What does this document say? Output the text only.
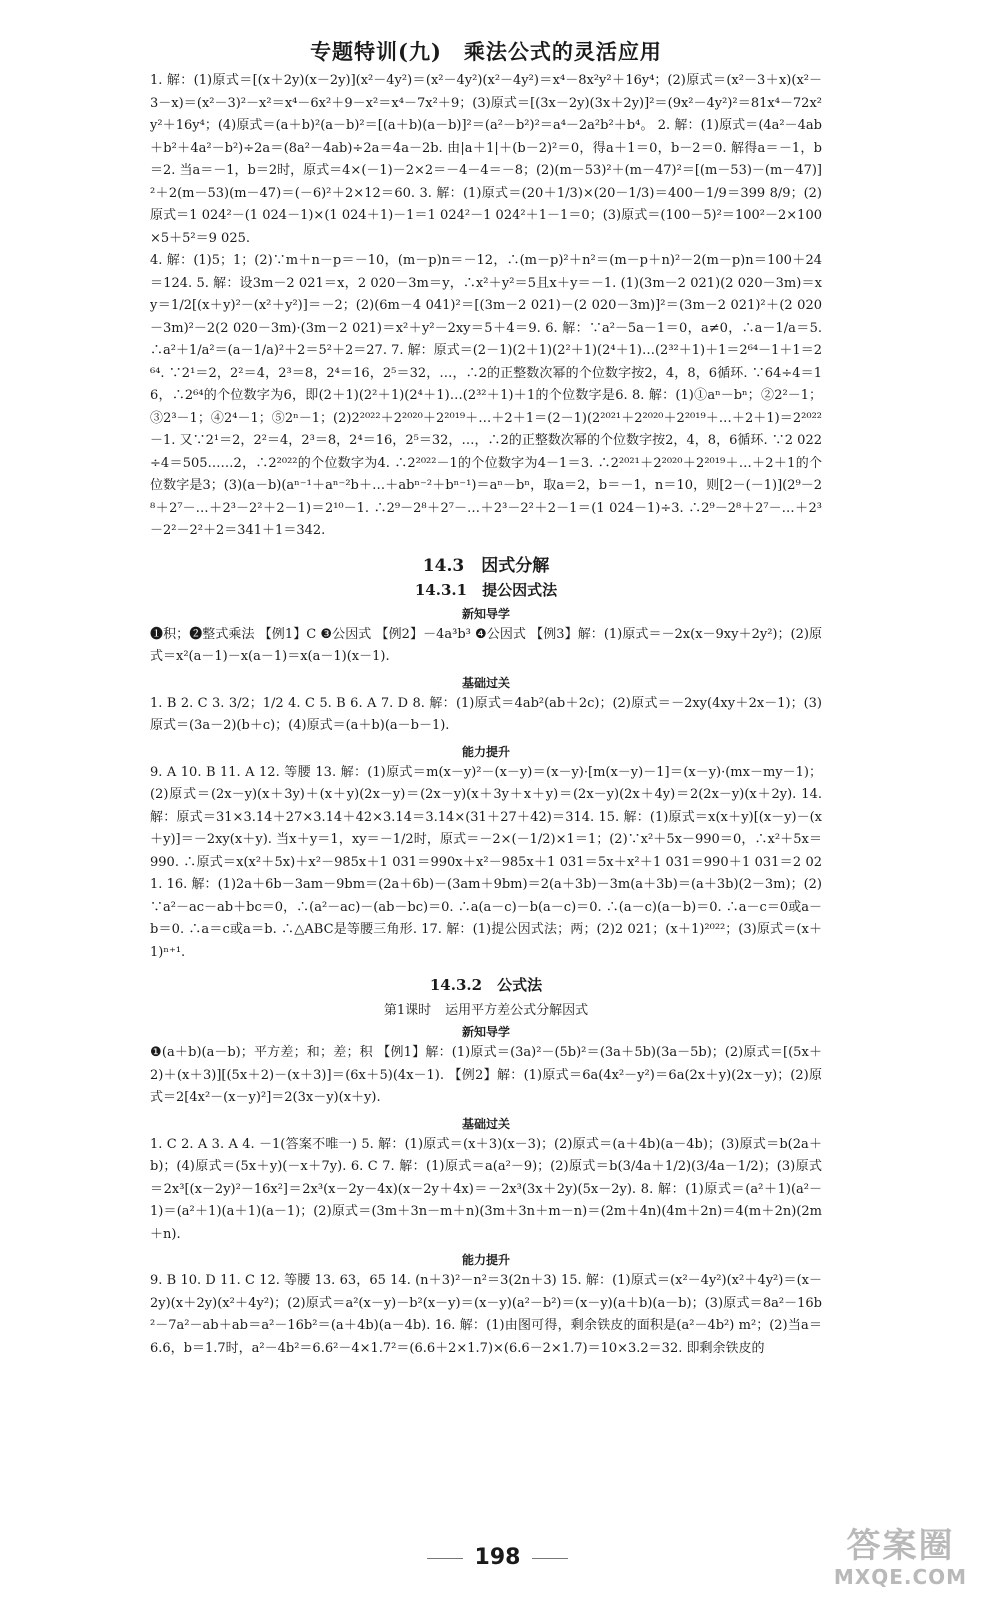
专题特训(九)　乘法公式的灵活应用

1. 解：(1)原式＝[(x＋2y)(x－2y)](x²－4y²)＝(x²－4y²)(x²－4y²)＝x⁴－8x²y²＋16y⁴；(2)原式＝(x²－3＋x)(x²－3－x)＝(x²－3)²－x²＝x⁴－6x²＋9－x²＝x⁴－7x²＋9；(3)原式＝[(3x－2y)(3x＋2y)]²＝(9x²－4y²)²＝81x⁴－72x²y²＋16y⁴；(4)原式＝(a＋b)²(a－b)²＝[(a＋b)(a－b)]²＝(a²－b²)²＝a⁴－2a²b²＋b⁴。 2. 解：(1)原式＝(4a²－4ab＋b²＋4a²－b²)÷2a＝(8a²－4ab)÷2a＝4a－2b. 由|a＋1|＋(b－2)²＝0，得a＋1＝0，b－2＝0. 解得a＝－1，b＝2. 当a＝－1，b＝2时，原式＝4×(－1)－2×2＝－4－4＝－8；(2)(m－53)²＋(m－47)²＝[(m－53)－(m－47)]²＋2(m－53)(m－47)＝(－6)²＋2×12＝60. 3. 解：(1)原式＝(20＋1/3)×(20－1/3)＝400－1/9＝399 8/9；(2)原式＝1 024²－(1 024－1)×(1 024＋1)－1＝1 024²－1 024²＋1－1＝0；(3)原式＝(100－5)²＝100²－2×100×5＋5²＝9 025.

4. 解：(1)5；1；(2)∵m＋n－p＝－10，(m－p)n＝－12，∴(m－p)²＋n²＝(m－p＋n)²－2(m－p)n＝100＋24＝124. 5. 解：设3m－2 021＝x，2 020－3m＝y，∴x²＋y²＝5且x＋y＝－1. (1)(3m－2 021)(2 020－3m)＝xy＝1/2[(x＋y)²－(x²＋y²)]＝－2；(2)(6m－4 041)²＝[(3m－2 021)－(2 020－3m)]²＝(3m－2 021)²＋(2 020－3m)²－2(2 020－3m)·(3m－2 021)＝x²＋y²－2xy＝5＋4＝9. 6. 解：∵a²－5a－1＝0，a≠0，∴a－1/a＝5. ∴a²＋1/a²＝(a－1/a)²＋2＝5²＋2＝27. 7. 解：原式＝(2－1)(2＋1)(2²＋1)(2⁴＋1)…(2³²＋1)＋1＝2⁶⁴－1＋1＝2⁶⁴. ∵2¹＝2，2²＝4，2³＝8，2⁴＝16，2⁵＝32，…，∴2的正整数次幂的个位数字按2，4，8，6循环. ∵64÷4＝16，∴2⁶⁴的个位数字为6，即(2＋1)(2²＋1)(2⁴＋1)…(2³²＋1)＋1的个位数字是6. 8. 解：(1)①aⁿ－bⁿ；②2²－1；③2³－1；④2⁴－1；⑤2ⁿ－1；(2)2²⁰²²＋2²⁰²⁰＋2²⁰¹⁹＋…＋2＋1＝(2－1)(2²⁰²¹＋2²⁰²⁰＋2²⁰¹⁹＋…＋2＋1)＝2²⁰²²－1. 又∵2¹＝2，2²＝4，2³＝8，2⁴＝16，2⁵＝32，…，∴2的正整数次幂的个位数字按2，4，8，6循环. ∵2 022÷4＝505……2，∴2²⁰²²的个位数字为4. ∴2²⁰²²－1的个位数字为4－1＝3. ∴2²⁰²¹＋2²⁰²⁰＋2²⁰¹⁹＋…＋2＋1的个位数字是3；(3)(a－b)(aⁿ⁻¹＋aⁿ⁻²b＋…＋abⁿ⁻²＋bⁿ⁻¹)＝aⁿ－bⁿ，取a＝2，b＝－1，n＝10，则[2－(－1)](2⁹－2⁸＋2⁷－…＋2³－2²＋2－1)＝2¹⁰－1. ∴2⁹－2⁸＋2⁷－…＋2³－2²＋2－1＝(1 024－1)÷3. ∴2⁹－2⁸＋2⁷－…＋2³－2²－2²＋2＝341＋1＝342.

14.3　 因式分解
14.3.1　 提公因式法
新知导学

❶积；❷整式乘法 【例1】C ❸公因式 【例2】－4a³b³ ❹公因式 【例3】解：(1)原式＝－2x(x－9xy＋2y²)；(2)原式＝x²(a－1)－x(a－1)＝x(a－1)(x－1).

基础过关

1. B 2. C 3. 3/2；1/2 4. C 5. B 6. A 7. D 8. 解：(1)原式＝4ab²(ab＋2c)；(2)原式＝－2xy(4xy＋2x－1)；(3)原式＝(3a－2)(b＋c)；(4)原式＝(a＋b)(a－b－1).

能力提升

9. A 10. B 11. A 12. 等腰 13. 解：(1)原式＝m(x－y)²－(x－y)＝(x－y)·[m(x－y)－1]＝(x－y)·(mx－my－1)；(2)原式＝(2x－y)(x＋3y)＋(x＋y)(2x－y)＝(2x－y)(x＋3y＋x＋y)＝(2x－y)(2x＋4y)＝2(2x－y)(x＋2y). 14. 解：原式＝31×3.14＋27×3.14＋42×3.14＝3.14×(31＋27＋42)＝314. 15. 解：(1)原式＝x(x＋y)[(x－y)－(x＋y)]＝－2xy(x＋y). 当x＋y＝1，xy＝－1/2时，原式＝－2×(－1/2)×1＝1；(2)∵x²＋5x－990＝0，∴x²＋5x＝990. ∴原式＝x(x²＋5x)＋x²－985x＋1 031＝990x＋x²－985x＋1 031＝5x＋x²＋1 031＝990＋1 031＝2 021. 16. 解：(1)2a＋6b－3am－9bm＝(2a＋6b)－(3am＋9bm)＝2(a＋3b)－3m(a＋3b)＝(a＋3b)(2－3m)；(2)∵a²－ac－ab＋bc＝0，∴(a²－ac)－(ab－bc)＝0. ∴a(a－c)－b(a－c)＝0. ∴(a－c)(a－b)＝0. ∴a－c＝0或a－b＝0. ∴a＝c或a＝b. ∴△ABC是等腰三角形. 17. 解：(1)提公因式法；两；(2)2 021；(x＋1)²⁰²²；(3)原式＝(x＋1)ⁿ⁺¹.

14.3.2　 公式法
第1课时 运用平方差公式分解因式
新知导学

❶(a＋b)(a－b)；平方差；和；差；积 【例1】解：(1)原式＝(3a)²－(5b)²＝(3a＋5b)(3a－5b)；(2)原式＝[(5x＋2)＋(x＋3)][(5x＋2)－(x＋3)]＝(6x＋5)(4x－1). 【例2】解：(1)原式＝6a(4x²－y²)＝6a(2x＋y)(2x－y)；(2)原式＝2[4x²－(x－y)²]＝2(3x－y)(x＋y).

基础过关

1. C 2. A 3. A 4. －1(答案不唯一) 5. 解：(1)原式＝(x＋3)(x－3)；(2)原式＝(a＋4b)(a－4b)；(3)原式＝b(2a＋b)；(4)原式＝(5x＋y)(－x＋7y). 6. C 7. 解：(1)原式＝a(a²－9)；(2)原式＝b(3/4a＋1/2)(3/4a－1/2)；(3)原式＝2x³[(x－2y)²－16x²]＝2x³(x－2y－4x)(x－2y＋4x)＝－2x³(3x＋2y)(5x－2y). 8. 解：(1)原式＝(a²＋1)(a²－1)＝(a²＋1)(a＋1)(a－1)；(2)原式＝(3m＋3n－m＋n)(3m＋3n＋m－n)＝(2m＋4n)(4m＋2n)＝4(m＋2n)(2m＋n).

能力提升

9. B 10. D 11. C 12. 等腰 13. 63，65 14. (n＋3)²－n²＝3(2n＋3) 15. 解：(1)原式＝(x²－4y²)(x²＋4y²)＝(x－2y)(x＋2y)(x²＋4y²)；(2)原式＝a²(x－y)－b²(x－y)＝(x－y)(a²－b²)＝(x－y)(a＋b)(a－b)；(3)原式＝8a²－16b²－7a²－ab＋ab＝a²－16b²＝(a＋4b)(a－4b). 16. 解：(1)由图可得，剩余铁皮的面积是(a²－4b²) m²；(2)当a＝6.6，b＝1.7时，a²－4b²＝6.6²－4×1.7²＝(6.6＋2×1.7)×(6.6－2×1.7)＝10×3.2＝32. 即剩余铁皮的

198	答案圈
MXQE.COM
